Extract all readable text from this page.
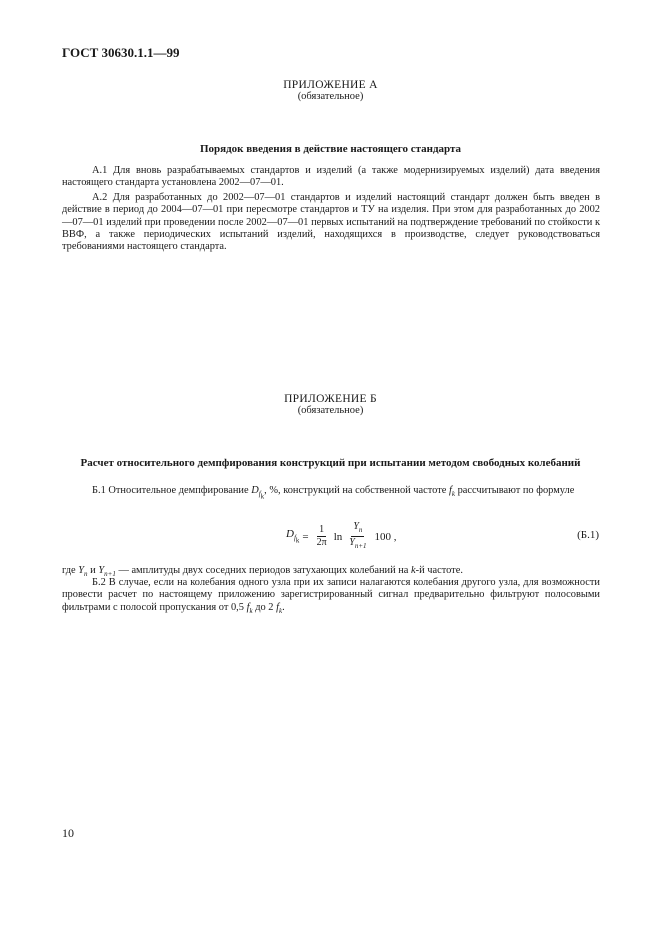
ГОСТ 30630.1.1—99
ПРИЛОЖЕНИЕ А
(обязательное)
Порядок введения в действие настоящего стандарта

А.1 Для вновь разрабатываемых стандартов и изделий (а также модернизируемых изделий) дата введения настоящего стандарта установлена 2002—07—01.

А.2 Для разработанных до 2002—07—01 стандартов и изделий настоящий стандарт должен быть введен в действие в период до 2004—07—01 при пересмотре стандартов и ТУ на изделия. При этом для разработанных до 2002—07—01 изделий при проведении после 2002—07—01 первых испытаний на подтверждение требований по стойкости к ВВФ, а также периодических испытаний изделий, находящихся в производстве, следует руководствоваться требованиями настоящего стандарта.

ПРИЛОЖЕНИЕ Б
(обязательное)
Расчет относительного демпфирования конструкций при испытании методом свободных колебаний

Б.1 Относительное демпфирование $D_{f_k}$, %, конструкций на собственной частоте $f_k$ рассчитывают по формуле

$D_{f_k} = \frac{1}{2\pi}$ $\ln \frac{Y_n}{Y_{n+1}} 100$ ,	(Б.1)

где $Y_n$ и $Y_{n+1}$ — амплитуды двух соседних периодов затухающих колебаний на k-й частоте.

Б.2 В случае, если на колебания одного узла при их записи налагаются колебания другого узла, для возможности провести расчет по настоящему приложению зарегистрированный сигнал предварительно фильтруют полосовыми фильтрами с полосой пропускания от 0,5 $f_k$ до 2 $f_k$.

10
